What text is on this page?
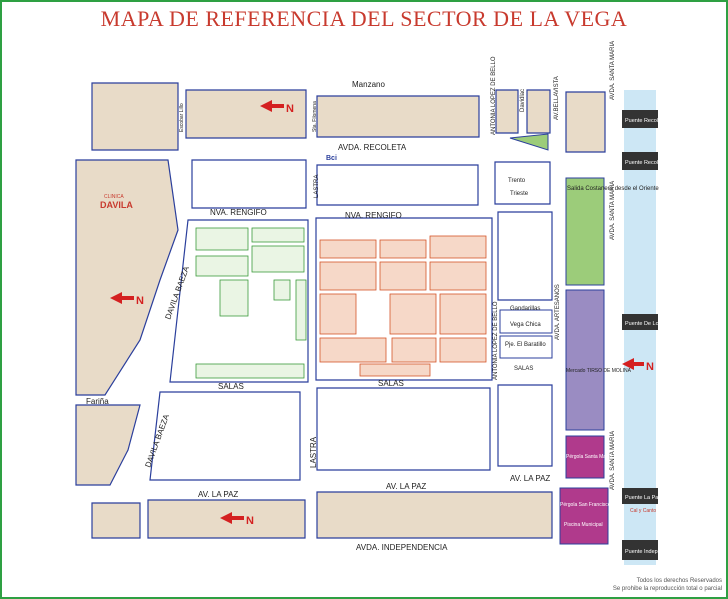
MAPA DE REFERENCIA DEL SECTOR DE LA VEGA
Manzano
AVDA. RECOLETA
NVA. RENGIFO	NVA. RENGIFO
SALAS	SALAS
SALAS
AV. LA PAZ
AV. LA PAZ
AV. LA PAZ
AVDA. INDEPENDENCIA
Fariña
DAVILA BAEZA
DAVILA BAEZA
LASTRA
LASTRA
ANTONIA LOPEZ DE BELLO
ANTONIA LOPEZ DE BELLO
AVDA. SANTA MARIA
AVDA. SANTA MARIA
AVDA. SANTA MARIA
AVDA. ARTESANOS
Davidlac	AV.BELLAVISTA
Trento
Trieste
Gandarillas
Pje. El Baratillo
Vega Chica
Escobar Lillo	Sta. Filomena
CLINICA
DAVILA
Salida Costanera desde el Oriente
Mercado TIRSO DE MOLINA
Pérgola Santa María
Pérgola San Francisco
Piscina Municipal
Bci
Cal y Canto
Puente Recoleta Oriente
Puente Recoleta Poniente
Puente De Los Carros
Puente La Paz
Puente Independencia
N
N
N
N
Todos los derechos Reservados
Se prohibe la reproducción total o parcial
